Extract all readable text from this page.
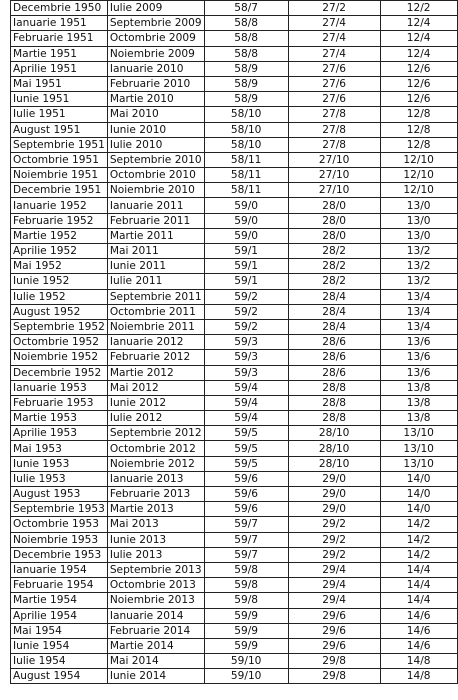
Decembrie 1950	Iulie 2009	58/7	27/2	12/2
Ianuarie 1951	Septembrie 2009	58/8	27/4	12/4
Februarie 1951	Octombrie 2009	58/8	27/4	12/4
Martie 1951	Noiembrie 2009	58/8	27/4	12/4
Aprilie 1951	Ianuarie 2010	58/9	27/6	12/6
Mai 1951	Februarie 2010	58/9	27/6	12/6
Iunie 1951	Martie 2010	58/9	27/6	12/6
Iulie 1951	Mai 2010	58/10	27/8	12/8
August 1951	Iunie 2010	58/10	27/8	12/8
Septembrie 1951	Iulie 2010	58/10	27/8	12/8
Octombrie 1951	Septembrie 2010	58/11	27/10	12/10
Noiembrie 1951	Octombrie 2010	58/11	27/10	12/10
Decembrie 1951	Noiembrie 2010	58/11	27/10	12/10
Ianuarie 1952	Ianuarie 2011	59/0	28/0	13/0
Februarie 1952	Februarie 2011	59/0	28/0	13/0
Martie 1952	Martie 2011	59/0	28/0	13/0
Aprilie 1952	Mai 2011	59/1	28/2	13/2
Mai 1952	Iunie 2011	59/1	28/2	13/2
Iunie 1952	Iulie 2011	59/1	28/2	13/2
Iulie 1952	Septembrie 2011	59/2	28/4	13/4
August 1952	Octombrie 2011	59/2	28/4	13/4
Septembrie 1952	Noiembrie 2011	59/2	28/4	13/4
Octombrie 1952	Ianuarie 2012	59/3	28/6	13/6
Noiembrie 1952	Februarie 2012	59/3	28/6	13/6
Decembrie 1952	Martie 2012	59/3	28/6	13/6
Ianuarie 1953	Mai 2012	59/4	28/8	13/8
Februarie 1953	Iunie 2012	59/4	28/8	13/8
Martie 1953	Iulie 2012	59/4	28/8	13/8
Aprilie 1953	Septembrie 2012	59/5	28/10	13/10
Mai 1953	Octombrie 2012	59/5	28/10	13/10
Iunie 1953	Noiembrie 2012	59/5	28/10	13/10
Iulie 1953	Ianuarie 2013	59/6	29/0	14/0
August 1953	Februarie 2013	59/6	29/0	14/0
Septembrie 1953	Martie 2013	59/6	29/0	14/0
Octombrie 1953	Mai 2013	59/7	29/2	14/2
Noiembrie 1953	Iunie 2013	59/7	29/2	14/2
Decembrie 1953	Iulie 2013	59/7	29/2	14/2
Ianuarie 1954	Septembrie 2013	59/8	29/4	14/4
Februarie 1954	Octombrie 2013	59/8	29/4	14/4
Martie 1954	Noiembrie 2013	59/8	29/4	14/4
Aprilie 1954	Ianuarie 2014	59/9	29/6	14/6
Mai 1954	Februarie 2014	59/9	29/6	14/6
Iunie 1954	Martie 2014	59/9	29/6	14/6
Iulie 1954	Mai 2014	59/10	29/8	14/8
August 1954	Iunie 2014	59/10	29/8	14/8
